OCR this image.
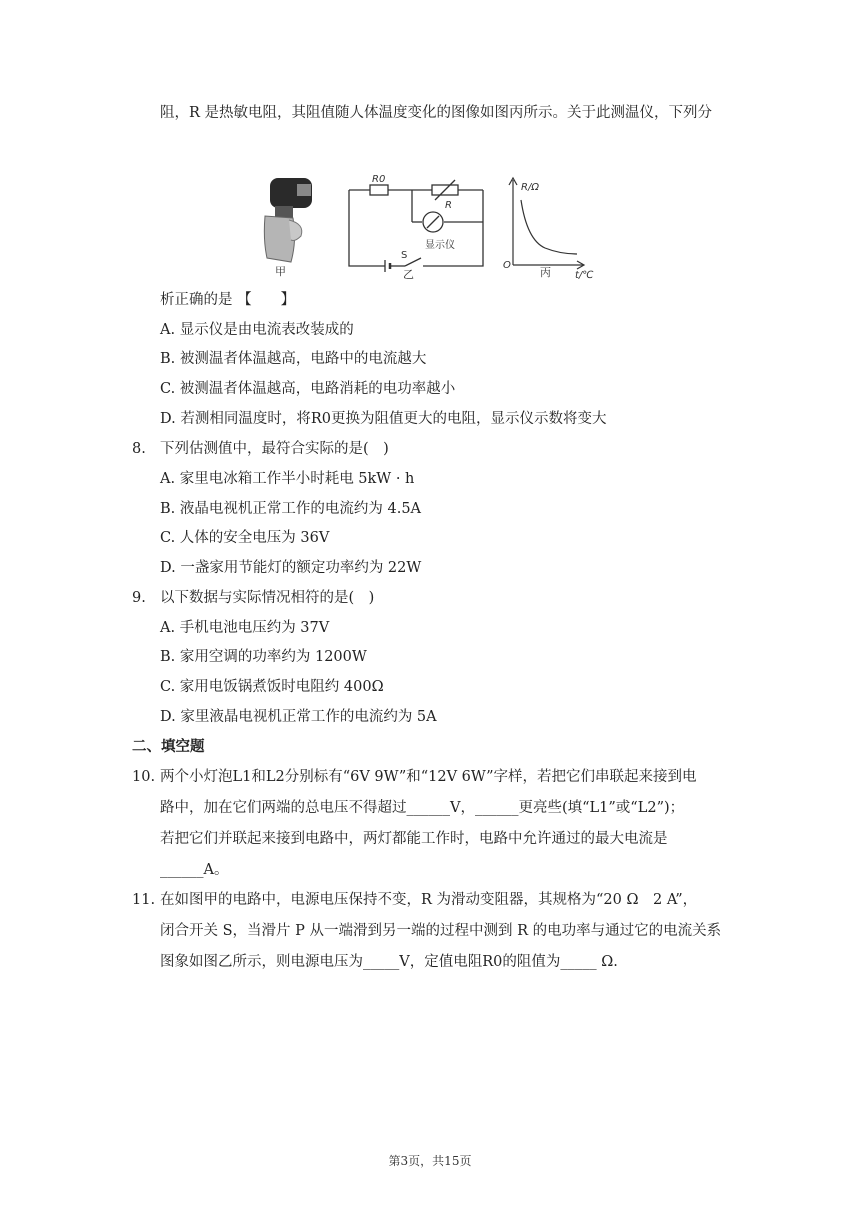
阻，R 是热敏电阻，其阻值随人体温度变化的图像如图丙所示。关于此测温仪，下列分
甲
R0
R
显示仪
S
乙
R/Ω
O
丙 t/℃
析正确的是 【　　】
A. 显示仪是由电流表改装成的
B. 被测温者体温越高，电路中的电流越大
C. 被测温者体温越高，电路消耗的电功率越小
D. 若测相同温度时，将R0更换为阻值更大的电阻，显示仪示数将变大
8. 下列估测值中，最符合实际的是(　)
A. 家里电冰箱工作半小时耗电 5kW · h
B. 液晶电视机正常工作的电流约为 4.5A
C. 人体的安全电压为 36V
D. 一盏家用节能灯的额定功率约为 22W
9. 以下数据与实际情况相符的是(　)
A. 手机电池电压约为 37V
B. 家用空调的功率约为 1200W
C. 家用电饭锅煮饭时电阻约 400Ω
D. 家里液晶电视机正常工作的电流约为 5A
二、填空题
10. 两个小灯泡L1和L2分别标有“6V 9W”和“12V 6W”字样，若把它们串联起来接到电
路中，加在它们两端的总电压不得超过______V，______更亮些(填“L1”或“L2”)；
若把它们并联起来接到电路中，两灯都能工作时，电路中允许通过的最大电流是
______A。
11. 在如图甲的电路中，电源电压保持不变，R 为滑动变阻器，其规格为“20 Ω　2 A”，
闭合开关 S，当滑片 P 从一端滑到另一端的过程中测到 R 的电功率与通过它的电流关系
图象如图乙所示，则电源电压为_____V，定值电阻R0的阻值为_____ Ω.
第3页，共15页
